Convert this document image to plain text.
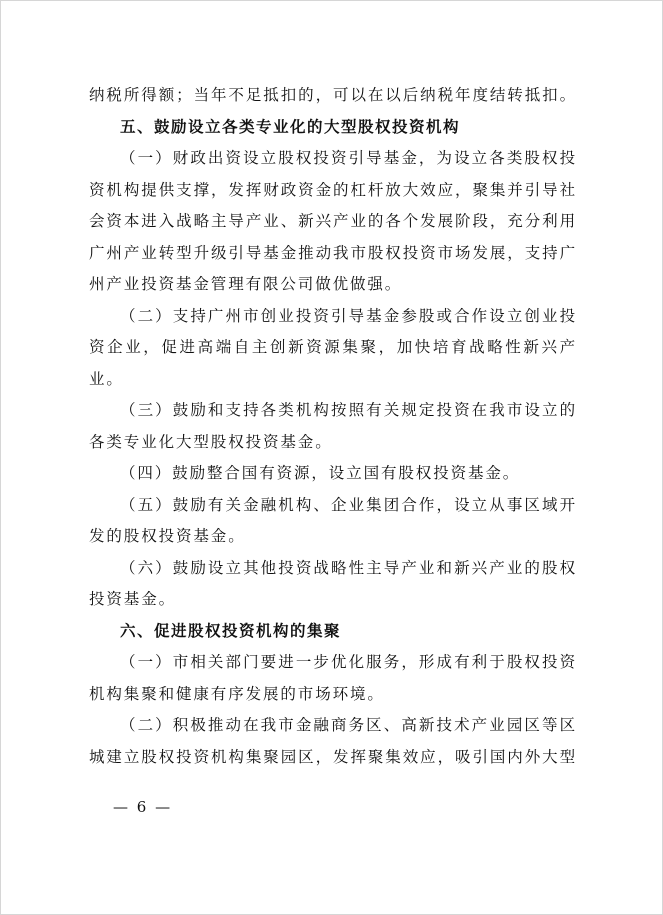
纳税所得额；当年不足抵扣的，可以在以后纳税年度结转抵扣。
五、鼓励设立各类专业化的大型股权投资机构
（一）财政出资设立股权投资引导基金，为设立各类股权投
资机构提供支撑，发挥财政资金的杠杆放大效应，聚集并引导社
会资本进入战略主导产业、新兴产业的各个发展阶段，充分利用
广州产业转型升级引导基金推动我市股权投资市场发展，支持广
州产业投资基金管理有限公司做优做强。
（二）支持广州市创业投资引导基金参股或合作设立创业投
资企业，促进高端自主创新资源集聚，加快培育战略性新兴产
业。
（三）鼓励和支持各类机构按照有关规定投资在我市设立的
各类专业化大型股权投资基金。
（四）鼓励整合国有资源，设立国有股权投资基金。
（五）鼓励有关金融机构、企业集团合作，设立从事区域开
发的股权投资基金。
（六）鼓励设立其他投资战略性主导产业和新兴产业的股权
投资基金。
六、促进股权投资机构的集聚
（一）市相关部门要进一步优化服务，形成有利于股权投资
机构集聚和健康有序发展的市场环境。
（二）积极推动在我市金融商务区、高新技术产业园区等区
城建立股权投资机构集聚园区，发挥聚集效应，吸引国内外大型
— 6 —
